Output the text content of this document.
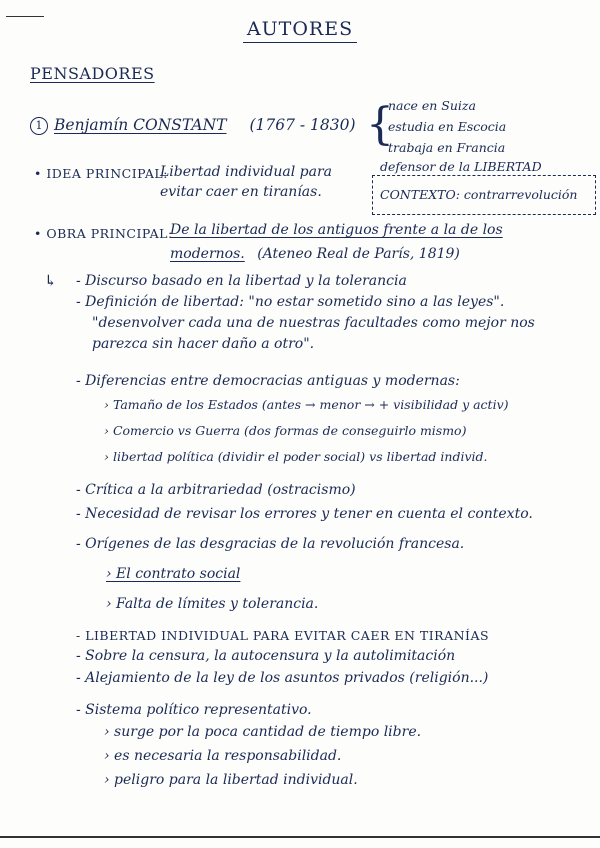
AUTORES
PENSADORES
1 Benjamín CONSTANT (1767 - 1830) {
nace en Suiza
estudia en Escocia
trabaja en Francia
defensor de la LIBERTAD
CONTEXTO: contrarrevolución
• IDEA PRINCIPAL:
Libertad individual para
evitar caer en tiranías.
• OBRA PRINCIPAL:
De la libertad de los antiguos frente a la de los
modernos. (Ateneo Real de París, 1819)
↳ - Discurso basado en la libertad y la tolerancia
- Definición de libertad: "no estar sometido sino a las leyes".
"desenvolver cada una de nuestras facultades como mejor nos
parezca sin hacer daño a otro".
- Diferencias entre democracias antiguas y modernas:
› Tamaño de los Estados (antes → menor → + visibilidad y activ)
› Comercio vs Guerra (dos formas de conseguirlo mismo)
› libertad política (dividir el poder social) vs libertad individ.
- Crítica a la arbitrariedad (ostracismo)
- Necesidad de revisar los errores y tener en cuenta el contexto.
- Orígenes de las desgracias de la revolución francesa.
› El contrato social
› Falta de límites y tolerancia.
- LIBERTAD INDIVIDUAL PARA EVITAR CAER EN TIRANÍAS
- Sobre la censura, la autocensura y la autolimitación
- Alejamiento de la ley de los asuntos privados (religión...)
- Sistema político representativo.
› surge por la poca cantidad de tiempo libre.
› es necesaria la responsabilidad.
› peligro para la libertad individual.
